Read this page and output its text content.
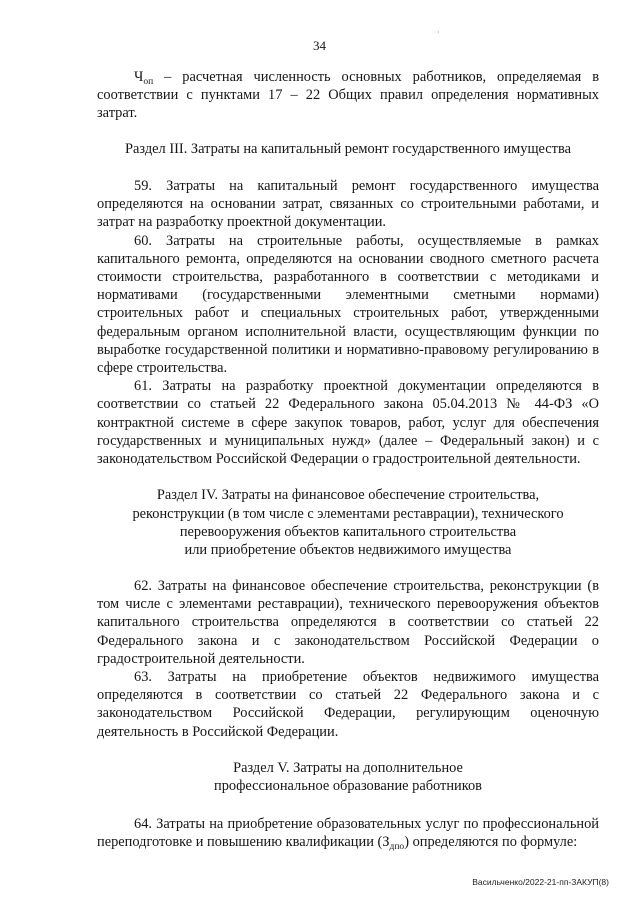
34
·

$Ч_{оп}$ – расчетная численность основных работников, определяемая в соответствии с пунктами 17 – 22 Общих правил определения нормативных затрат.

Раздел III. Затраты на капитальный ремонт государственного имущества

59. Затраты на капитальный ремонт государственного имущества определяются на основании затрат, связанных со строительными работами, и затрат на разработку проектной документации.

60. Затраты на строительные работы, осуществляемые в рамках капитального ремонта, определяются на основании сводного сметного расчета стоимости строительства, разработанного в соответствии с методиками и нормативами (государственными элементными сметными нормами) строительных работ и специальных строительных работ, утвержденными федеральным органом исполнительной власти, осуществляющим функции по выработке государственной политики и нормативно-правовому регулированию в сфере строительства.

61. Затраты на разработку проектной документации определяются в соответствии со статьей 22 Федерального закона 05.04.2013 № 44-ФЗ «О контрактной системе в сфере закупок товаров, работ, услуг для обеспечения государственных и муниципальных нужд» (далее – Федеральный закон) и с законодательством Российской Федерации о градостроительной деятельности.

Раздел IV. Затраты на финансовое обеспечение строительства,
реконструкции (в том числе с элементами реставрации), технического
перевооружения объектов капитального строительства
или приобретение объектов недвижимого имущества

62. Затраты на финансовое обеспечение строительства, реконструкции (в том числе с элементами реставрации), технического перевооружения объектов капитального строительства определяются в соответствии со статьей 22 Федерального закона и с законодательством Российской Федерации о градостроительной деятельности.

63. Затраты на приобретение объектов недвижимого имущества определяются в соответствии со статьей 22 Федерального закона и с законодательством Российской Федерации, регулирующим оценочную деятельность в Российской Федерации.

Раздел V. Затраты на дополнительное
профессиональное образование работников

64. Затраты на приобретение образовательных услуг по профессиональной переподготовке и повышению квалификации $(З_{дпо})$ определяются по формуле:

Васильченко/2022-21-пп-ЗАКУП(8)
